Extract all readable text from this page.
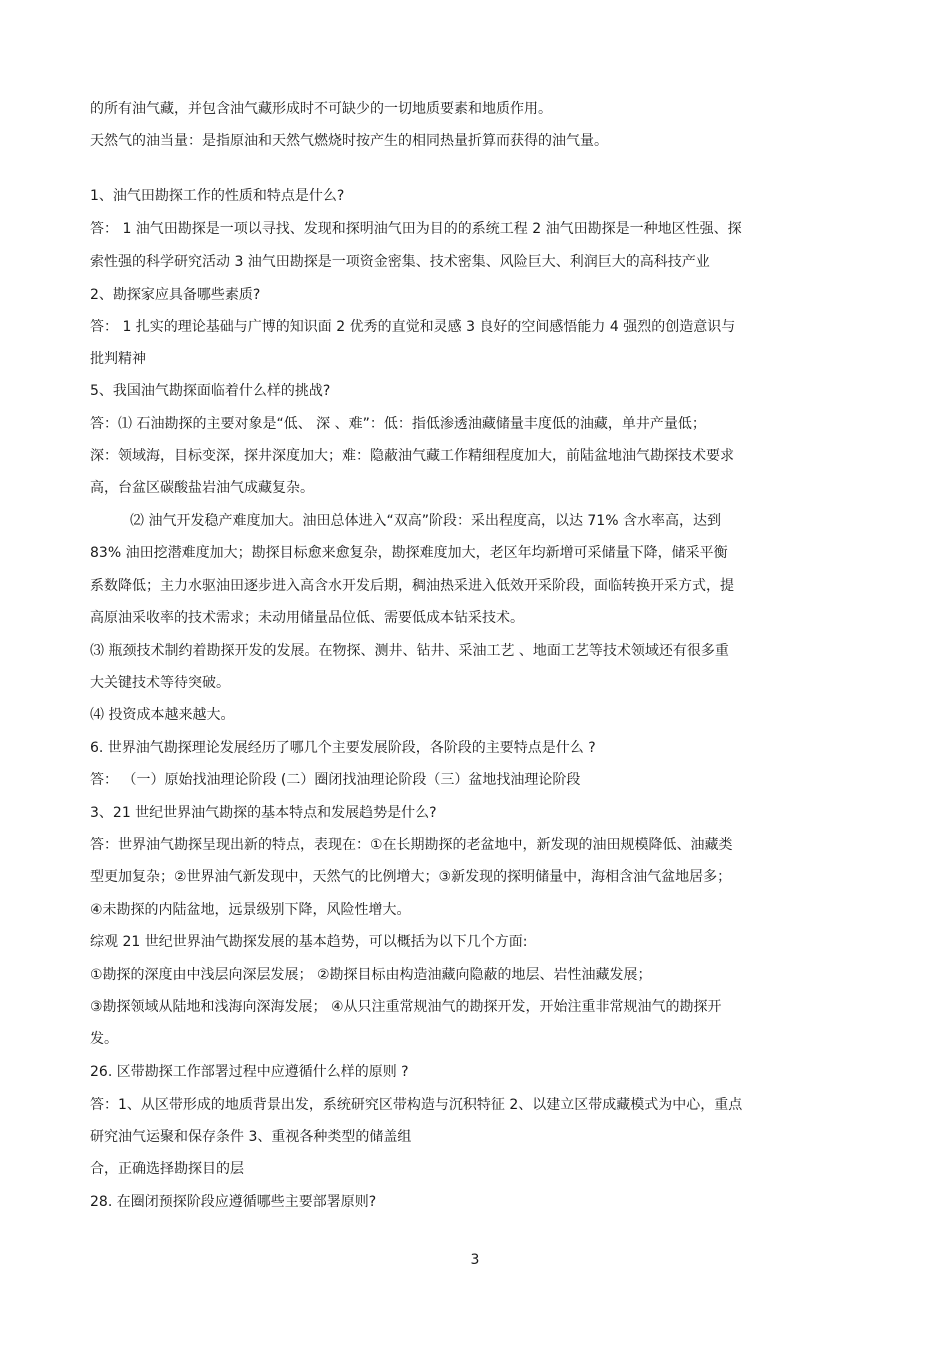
的所有油气藏，并包含油气藏形成时不可缺少的一切地质要素和地质作用。
天然气的油当量：是指原油和天然气燃烧时按产生的相同热量折算而获得的油气量。
1、油气田勘探工作的性质和特点是什么?
答： 1 油气田勘探是一项以寻找、发现和探明油气田为目的的系统工程 2 油气田勘探是一种地区性强、探
索性强的科学研究活动 3 油气田勘探是一项资金密集、技术密集、风险巨大、利润巨大的高科技产业
2、勘探家应具备哪些素质?
答： 1 扎实的理论基础与广博的知识面 2 优秀的直觉和灵感 3 良好的空间感悟能力 4 强烈的创造意识与
批判精神
5、我国油气勘探面临着什么样的挑战?
答：⑴ 石油勘探的主要对象是“低、 深 、难”：低：指低渗透油藏储量丰度低的油藏，单井产量低；
深：领域海，目标变深，探井深度加大；难：隐蔽油气藏工作精细程度加大，前陆盆地油气勘探技术要求
高，台盆区碳酸盐岩油气成藏复杂。
⑵ 油气开发稳产难度加大。油田总体进入“双高”阶段：采出程度高，以达 71% 含水率高，达到
83% 油田挖潜难度加大；勘探目标愈来愈复杂，勘探难度加大，老区年均新增可采储量下降，储采平衡
系数降低；主力水驱油田逐步进入高含水开发后期，稠油热采进入低效开采阶段，面临转换开采方式，提
高原油采收率的技术需求；未动用储量品位低、需要低成本钻采技术。
⑶ 瓶颈技术制约着勘探开发的发展。在物探、测井、钻井、采油工艺 、地面工艺等技术领域还有很多重
大关键技术等待突破。
⑷ 投资成本越来越大。
6. 世界油气勘探理论发展经历了哪几个主要发展阶段，各阶段的主要特点是什么 ?
答： （一）原始找油理论阶段 (二）圈闭找油理论阶段（三）盆地找油理论阶段
3、21 世纪世界油气勘探的基本特点和发展趋势是什么?
答：世界油气勘探呈现出新的特点，表现在：①在长期勘探的老盆地中，新发现的油田规模降低、油藏类
型更加复杂；②世界油气新发现中，天然气的比例增大；③新发现的探明储量中，海相含油气盆地居多；
④未勘探的内陆盆地，远景级别下降，风险性增大。
综观 21 世纪世界油气勘探发展的基本趋势，可以概括为以下几个方面:
①勘探的深度由中浅层向深层发展； ②勘探目标由构造油藏向隐蔽的地层、岩性油藏发展；
③勘探领域从陆地和浅海向深海发展； ④从只注重常规油气的勘探开发，开始注重非常规油气的勘探开
发。
26. 区带勘探工作部署过程中应遵循什么样的原则 ?
答：1、从区带形成的地质背景出发，系统研究区带构造与沉积特征 2、以建立区带成藏模式为中心，重点
研究油气运聚和保存条件 3、重视各种类型的储盖组
合，正确选择勘探目的层
28. 在圈闭预探阶段应遵循哪些主要部署原则?
3
